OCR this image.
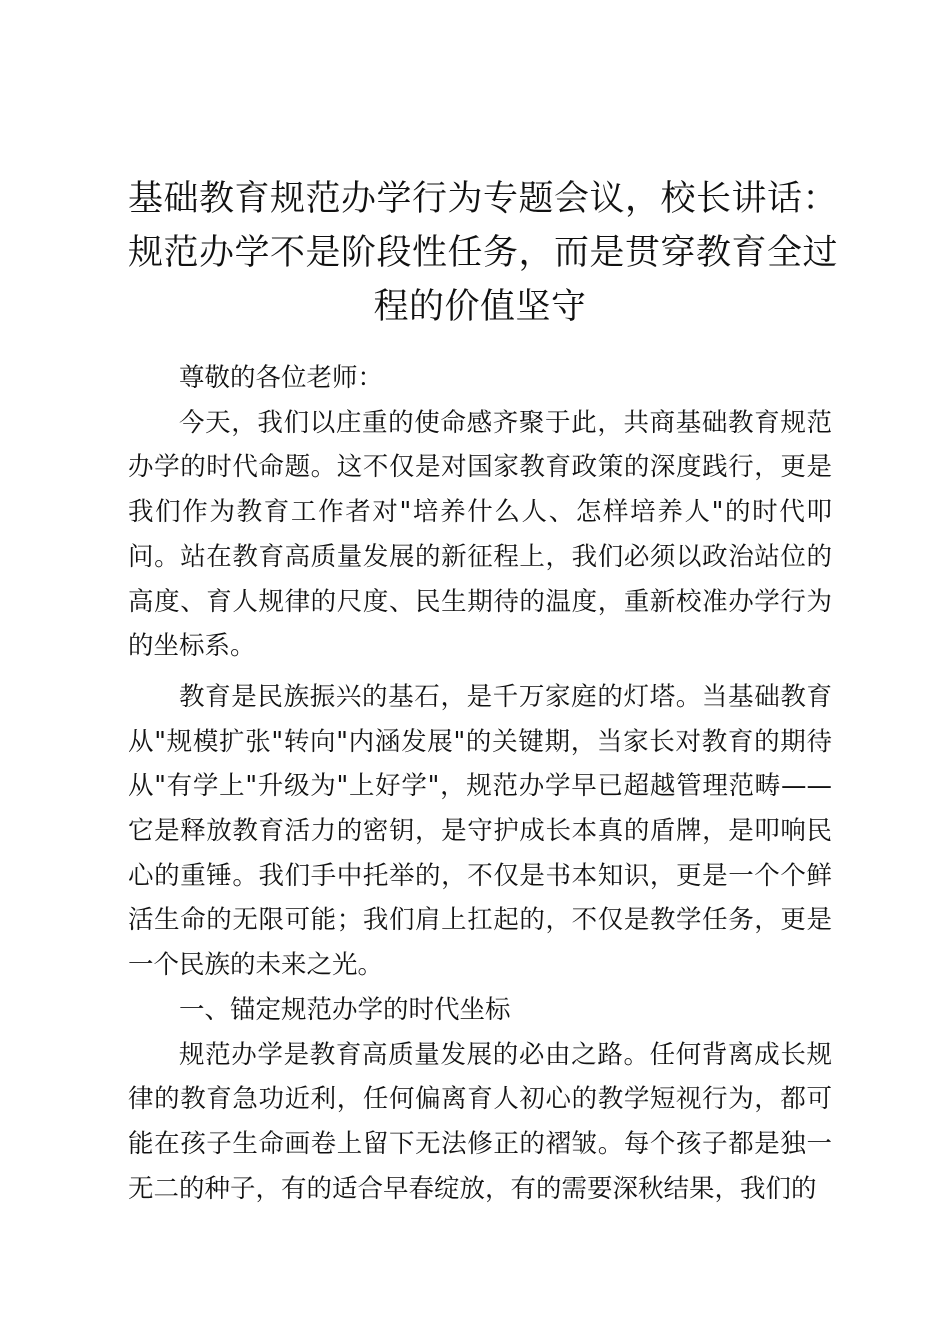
基础教育规范办学行为专题会议，校长讲话：
规范办学不是阶段性任务，而是贯穿教育全过
程的价值坚守

尊敬的各位老师：

今天，我们以庄重的使命感齐聚于此，共商基础教育规范办学的时代命题。这不仅是对国家教育政策的深度践行，更是我们作为教育工作者对"培养什么人、怎样培养人"的时代叩问。站在教育高质量发展的新征程上，我们必须以政治站位的高度、育人规律的尺度、民生期待的温度，重新校准办学行为的坐标系。

教育是民族振兴的基石，是千万家庭的灯塔。当基础教育从"规模扩张"转向"内涵发展"的关键期，当家长对教育的期待从"有学上"升级为"上好学"，规范办学早已超越管理范畴——它是释放教育活力的密钥，是守护成长本真的盾牌，是叩响民心的重锤。我们手中托举的，不仅是书本知识，更是一个个鲜活生命的无限可能；我们肩上扛起的，不仅是教学任务，更是一个民族的未来之光。

一、锚定规范办学的时代坐标

规范办学是教育高质量发展的必由之路。任何背离成长规律的教育急功近利，任何偏离育人初心的教学短视行为，都可能在孩子生命画卷上留下无法修正的褶皱。每个孩子都是独一无二的种子，有的适合早春绽放，有的需要深秋结果，我们的
